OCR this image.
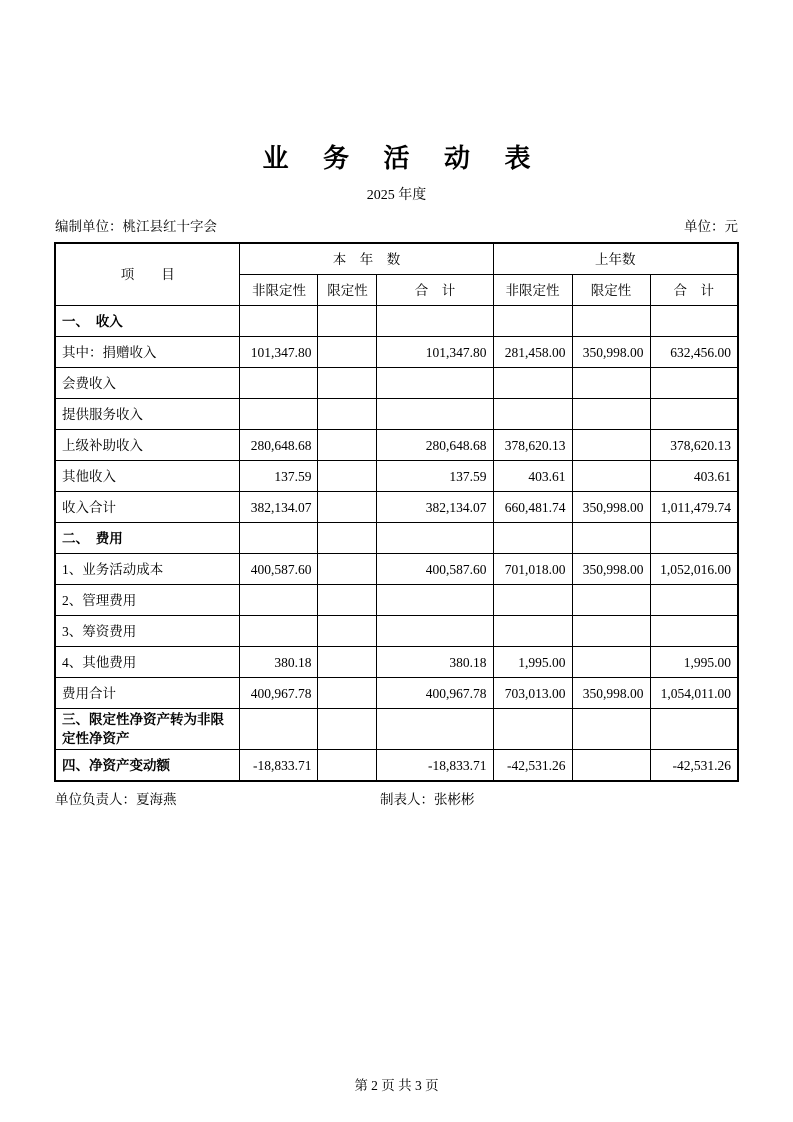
业 务 活 动 表
2025 年度
编制单位：桃江县红十字会	单位：元
项　　目	本　年　数			上年数		
	非限定性	限定性	合　计	非限定性	限定性	合　计
一、　收入						
其中：捐赠收入	101,347.80		101,347.80	281,458.00	350,998.00	632,456.00
会费收入						
提供服务收入						
上级补助收入	280,648.68		280,648.68	378,620.13		378,620.13
其他收入	137.59		137.59	403.61		403.61
收入合计	382,134.07		382,134.07	660,481.74	350,998.00	1,011,479.74
二、　费用						
1、业务活动成本	400,587.60		400,587.60	701,018.00	350,998.00	1,052,016.00
2、管理费用						
3、筹资费用						
4、其他费用	380.18		380.18	1,995.00		1,995.00
费用合计	400,967.78		400,967.78	703,013.00	350,998.00	1,054,011.00
三、限定性净资产转为非限定性净资产						
四、净资产变动额	-18,833.71		-18,833.71	-42,531.26		-42,531.26
单位负责人：夏海燕	制表人：张彬彬
第 2 页 共 3 页
